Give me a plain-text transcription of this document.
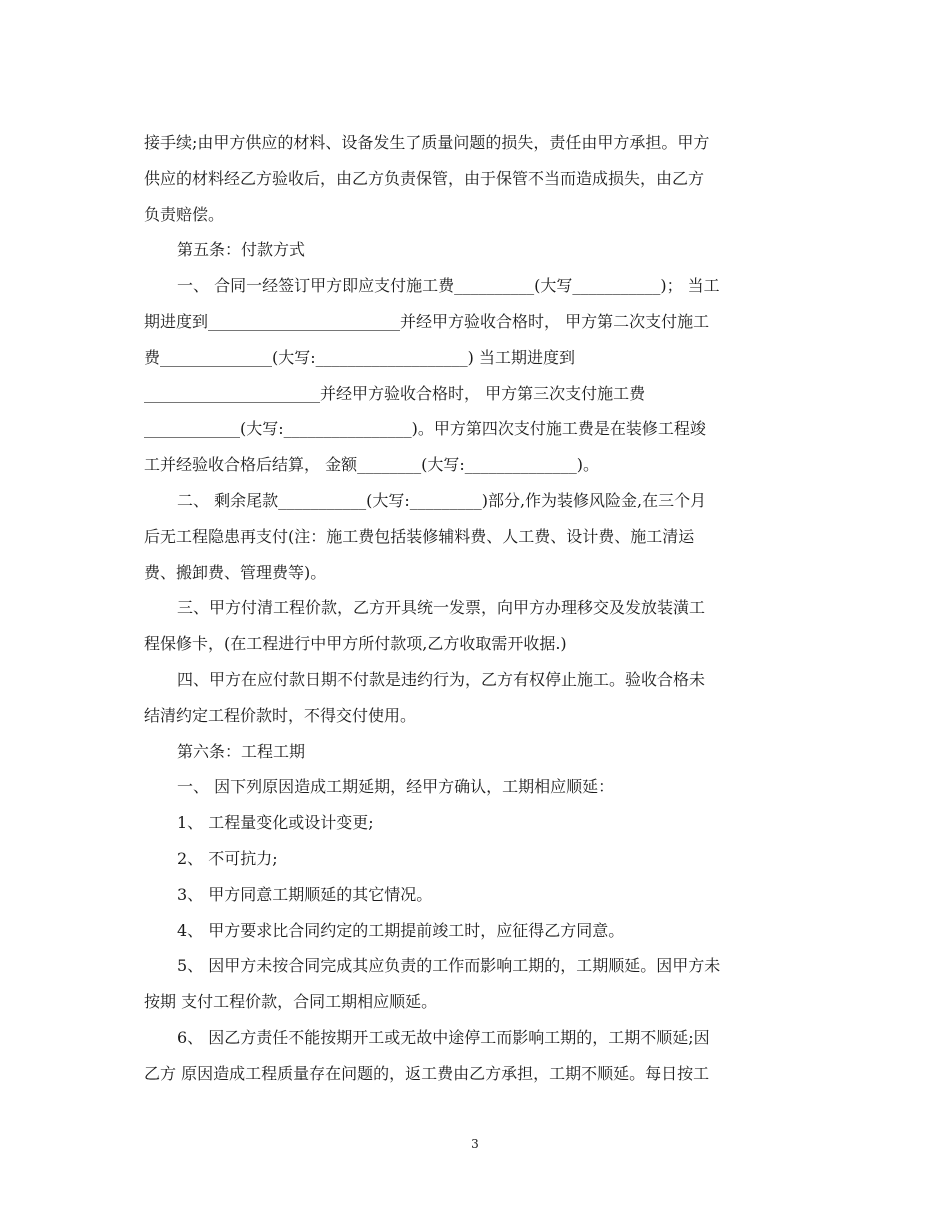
接手续;由甲方供应的材料、设备发生了质量问题的损失，责任由甲方承担。甲方
供应的材料经乙方验收后，由乙方负责保管，由于保管不当而造成损失，由乙方
负责赔偿。
第五条：付款方式
一、 合同一经签订甲方即应支付施工费__________(大写___________)； 当工
期进度到________________________并经甲方验收合格时， 甲方第二次支付施工
费______________(大写:___________________) 当工期进度到
______________________并经甲方验收合格时， 甲方第三次支付施工费
____________(大写:________________)。甲方第四次支付施工费是在装修工程竣
工并经验收合格后结算， 金额________(大写:______________)。
二、 剩余尾款___________(大写:_________)部分,作为装修风险金,在三个月
后无工程隐患再支付(注：施工费包括装修辅料费、人工费、设计费、施工清运
费、搬卸费、管理费等)。
三、甲方付清工程价款，乙方开具统一发票，向甲方办理移交及发放装潢工
程保修卡，(在工程进行中甲方所付款项,乙方收取需开收据.)
四、甲方在应付款日期不付款是违约行为，乙方有权停止施工。验收合格未
结清约定工程价款时，不得交付使用。
第六条：工程工期
一、 因下列原因造成工期延期，经甲方确认，工期相应顺延：
1、 工程量变化或设计变更;
2、 不可抗力;
3、 甲方同意工期顺延的其它情况。
4、 甲方要求比合同约定的工期提前竣工时，应征得乙方同意。
5、 因甲方未按合同完成其应负责的工作而影响工期的，工期顺延。因甲方未
按期 支付工程价款，合同工期相应顺延。
6、 因乙方责任不能按期开工或无故中途停工而影响工期的，工期不顺延;因
乙方 原因造成工程质量存在问题的，返工费由乙方承担，工期不顺延。每日按工
3
